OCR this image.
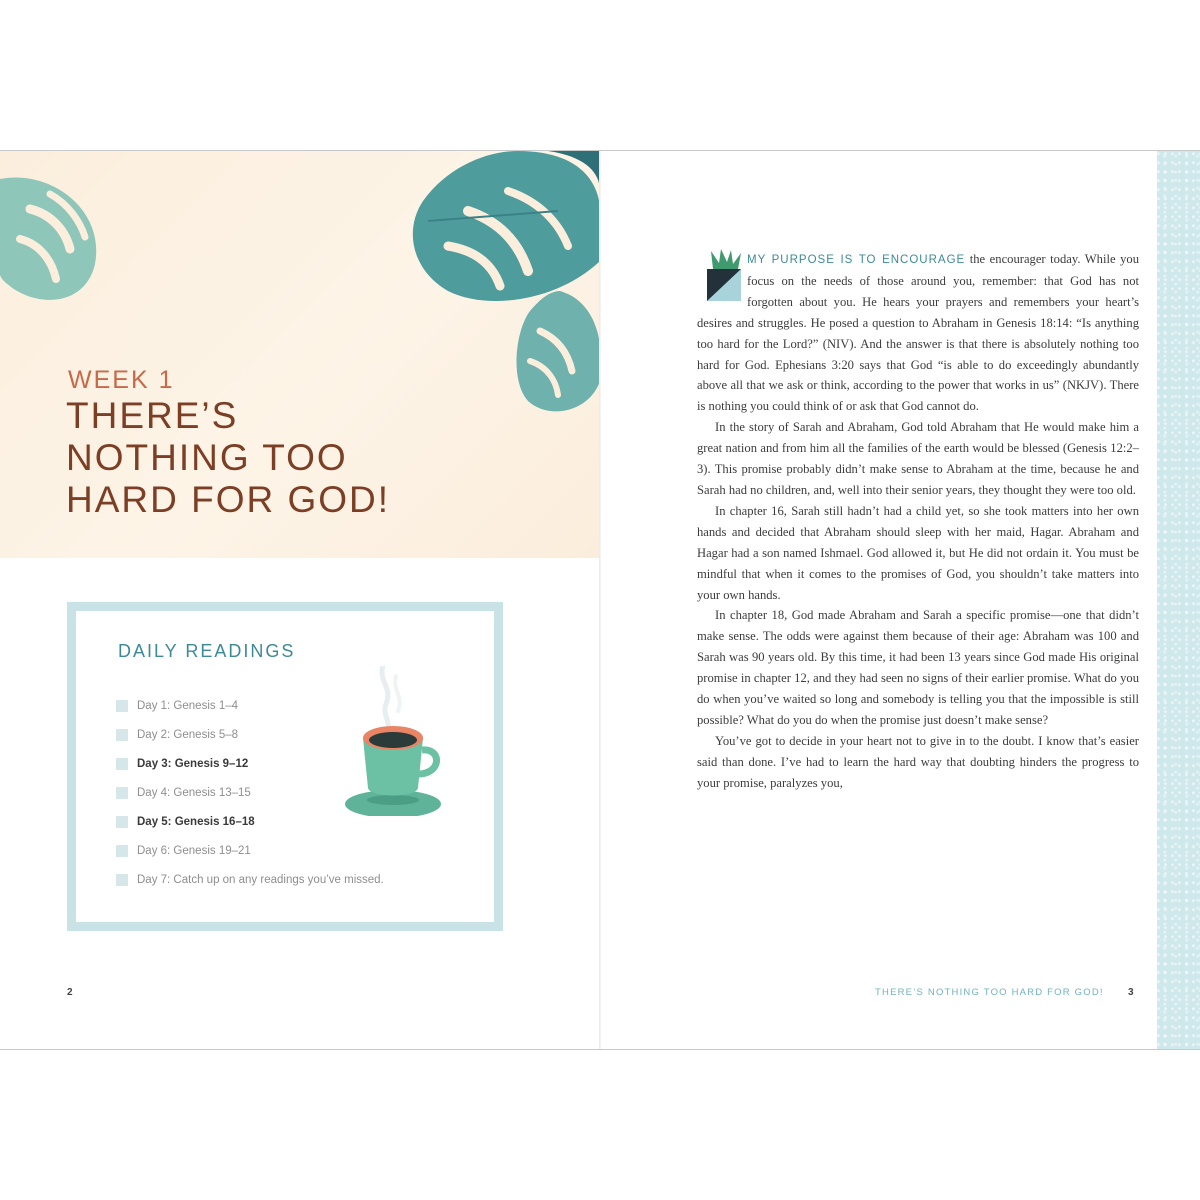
WEEK 1
THERE’S
NOTHING TOO
HARD FOR GOD!
DAILY READINGS
Day 1: Genesis 1–4
Day 2: Genesis 5–8
Day 3: Genesis 9–12
Day 4: Genesis 13–15
Day 5: Genesis 16–18
Day 6: Genesis 19–21
Day 7: Catch up on any readings you’ve missed.
2

MY PURPOSE IS TO ENCOURAGE the encourager today. While you focus on the needs of those around you, remember: that God has not forgotten about you. He hears your prayers and remembers your heart’s desires and struggles. He posed a question to Abraham in Genesis 18:14: “Is anything too hard for the Lord?” (NIV). And the answer is that there is absolutely nothing too hard for God. Ephesians 3:20 says that God “is able to do exceedingly abundantly above all that we ask or think, according to the power that works in us” (NKJV). There is nothing you could think of or ask that God cannot do.

In the story of Sarah and Abraham, God told Abraham that He would make him a great nation and from him all the families of the earth would be blessed (Genesis 12:2–3). This promise probably didn’t make sense to Abraham at the time, because he and Sarah had no children, and, well into their senior years, they thought they were too old.

In chapter 16, Sarah still hadn’t had a child yet, so she took matters into her own hands and decided that Abraham should sleep with her maid, Hagar. Abraham and Hagar had a son named Ishmael. God allowed it, but He did not ordain it. You must be mindful that when it comes to the promises of God, you shouldn’t take matters into your own hands.

In chapter 18, God made Abraham and Sarah a specific promise—one that didn’t make sense. The odds were against them because of their age: Abraham was 100 and Sarah was 90 years old. By this time, it had been 13 years since God made His original promise in chapter 12, and they had seen no signs of their earlier promise. What do you do when you’ve waited so long and somebody is telling you that the impossible is still possible? What do you do when the promise just doesn’t make sense?

You’ve got to decide in your heart not to give in to the doubt. I know that’s easier said than done. I’ve had to learn the hard way that doubting hinders the progress to your promise, paralyzes you,

THERE’S NOTHING TOO HARD FOR GOD! 3
